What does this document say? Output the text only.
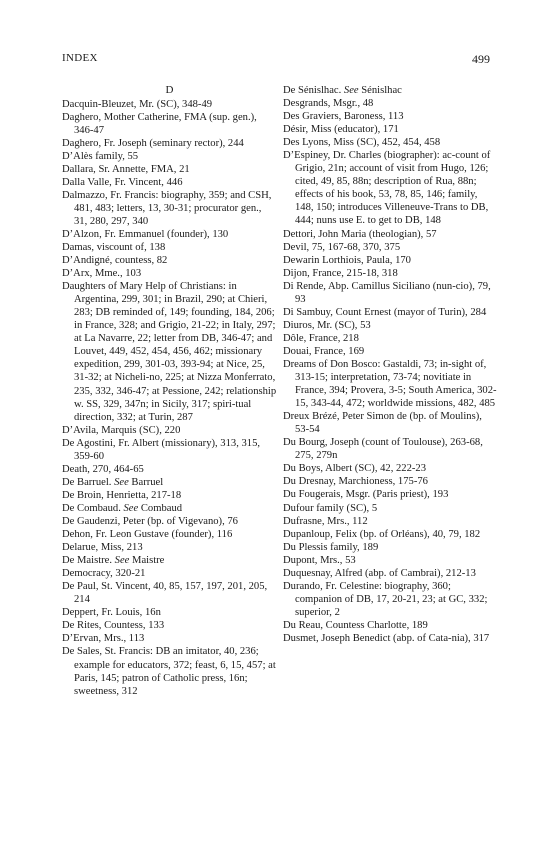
INDEX	499
D
Dacquin-Bleuzet, Mr. (SC), 348-49
Daghero, Mother Catherine, FMA (sup. gen.), 346-47
Daghero, Fr. Joseph (seminary rector), 244
D’Alès family, 55
Dallara, Sr. Annette, FMA, 21
Dalla Valle, Fr. Vincent, 446
Dalmazzo, Fr. Francis: biography, 359; and CSH, 481, 483; letters, 13, 30-31; procurator gen., 31, 280, 297, 340
D’Alzon, Fr. Emmanuel (founder), 130
Damas, viscount of, 138
D’Andigné, countess, 82
D’Arx, Mme., 103
Daughters of Mary Help of Christians: in Argentina, 299, 301; in Brazil, 290; at Chieri, 283; DB reminded of, 149; founding, 184, 206; in France, 328; and Grigio, 21-22; in Italy, 297; at La Navarre, 22; letter from DB, 346-47; and Louvet, 449, 452, 454, 456, 462; missionary expedition, 299, 301-03, 393-94; at Nice, 25, 31-32; at Nicheli-no, 225; at Nizza Monferrato, 235, 332, 346-47; at Pessione, 242; relationship w. SS, 329, 347n; in Sicily, 317; spiri-tual direction, 332; at Turin, 287
D’Avila, Marquis (SC), 220
De Agostini, Fr. Albert (missionary), 313, 315, 359-60
Death, 270, 464-65
De Barruel. See Barruel
De Broin, Henrietta, 217-18
De Combaud. See Combaud
De Gaudenzi, Peter (bp. of Vigevano), 76
Dehon, Fr. Leon Gustave (founder), 116
Delarue, Miss, 213
De Maistre. See Maistre
Democracy, 320-21
De Paul, St. Vincent, 40, 85, 157, 197, 201, 205, 214
Deppert, Fr. Louis, 16n
De Rites, Countess, 133
D’Ervan, Mrs., 113
De Sales, St. Francis: DB an imitator, 40, 236; example for educators, 372; feast, 6, 15, 457; at Paris, 145; patron of Catholic press, 16n; sweetness, 312
De Sénislhac. See Sénislhac
Desgrands, Msgr., 48
Des Graviers, Baroness, 113
Désir, Miss (educator), 171
Des Lyons, Miss (SC), 452, 454, 458
D’Espiney, Dr. Charles (biographer): ac-count of Grigio, 21n; account of visit from Hugo, 126; cited, 49, 85, 88n; description of Rua, 88n; effects of his book, 53, 78, 85, 146; family, 148, 150; introduces Villeneuve-Trans to DB, 444; nuns use E. to get to DB, 148
Dettori, John Maria (theologian), 57
Devil, 75, 167-68, 370, 375
Dewarin Lorthiois, Paula, 170
Dijon, France, 215-18, 318
Di Rende, Abp. Camillus Siciliano (nun-cio), 79, 93
Di Sambuy, Count Ernest (mayor of Turin), 284
Diuros, Mr. (SC), 53
Dôle, France, 218
Douai, France, 169
Dreams of Don Bosco: Gastaldi, 73; in-sight of, 313-15; interpretation, 73-74; novitiate in France, 394; Provera, 3-5; South America, 302-15, 343-44, 472; worldwide missions, 482, 485
Dreux Brézé, Peter Simon de (bp. of Moulins), 53-54
Du Bourg, Joseph (count of Toulouse), 263-68, 275, 279n
Du Boys, Albert (SC), 42, 222-23
Du Dresnay, Marchioness, 175-76
Du Fougerais, Msgr. (Paris priest), 193
Dufour family (SC), 5
Dufrasne, Mrs., 112
Dupanloup, Felix (bp. of Orléans), 40, 79, 182
Du Plessis family, 189
Dupont, Mrs., 53
Duquesnay, Alfred (abp. of Cambrai), 212-13
Durando, Fr. Celestine: biography, 360; companion of DB, 17, 20-21, 23; at GC, 332; superior, 2
Du Reau, Countess Charlotte, 189
Dusmet, Joseph Benedict (abp. of Cata-nia), 317
